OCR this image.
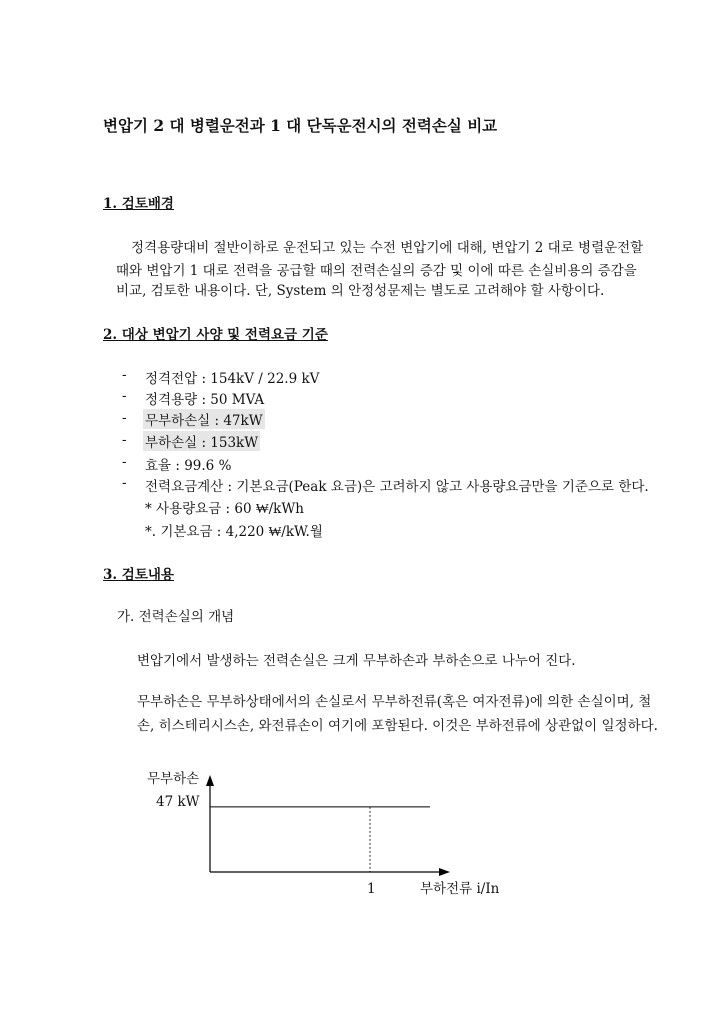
변압기 2 대 병렬운전과 1 대 단독운전시의 전력손실 비교
1. 검토배경
정격용량대비 절반이하로 운전되고 있는 수전 변압기에 대해, 변압기 2 대로 병렬운전할
때와 변압기 1 대로 전력을 공급할 때의 전력손실의 증감 및 이에 따른 손실비용의 증감을
비교, 검토한 내용이다. 단, System 의 안정성문제는 별도로 고려해야 할 사항이다.
2. 대상 변압기 사양 및 전력요금 기준
- 정격전압 : 154kV / 22.9 kV
- 정격용량 : 50 MVA
- 무부하손실 : 47kW
- 부하손실 : 153kW
- 효율 : 99.6 %
- 전력요금계산 : 기본요금(Peak 요금)은 고려하지 않고 사용량요금만을 기준으로 한다.
* 사용량요금 : 60 ₩/kWh
*. 기본요금 : 4,220 ₩/kW.월
3. 검토내용
가. 전력손실의 개념
변압기에서 발생하는 전력손실은 크게 무부하손과 부하손으로 나누어 진다.
무부하손은 무부하상태에서의 손실로서 무부하전류(혹은 여자전류)에 의한 손실이며, 철
손, 히스테리시스손, 와전류손이 여기에 포함된다. 이것은 부하전류에 상관없이 일정하다.
무부하손
47 kW
1	부하전류 i/In
